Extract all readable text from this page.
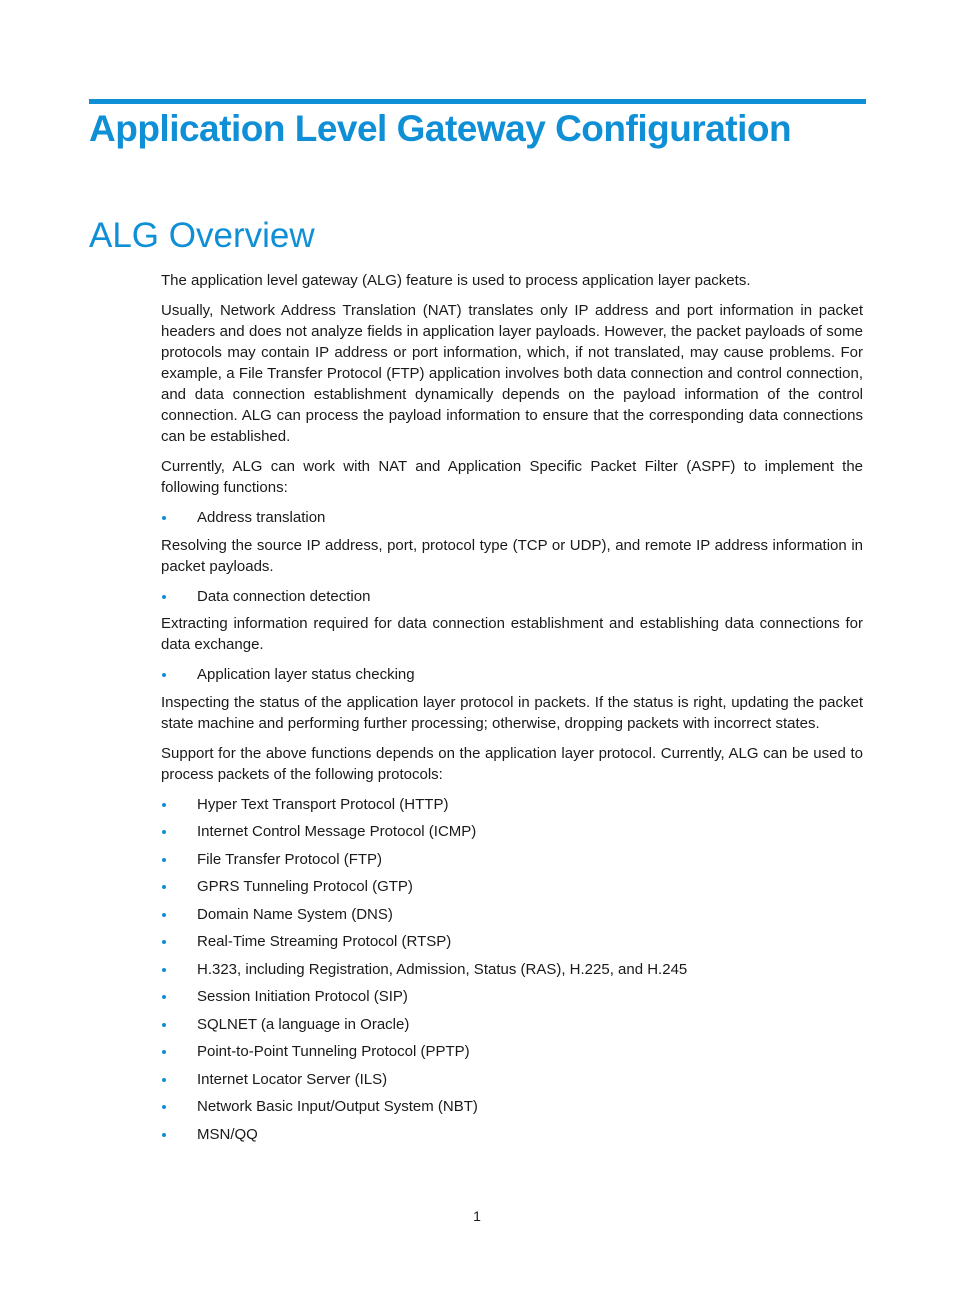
Application Level Gateway Configuration
ALG Overview

The application level gateway (ALG) feature is used to process application layer packets.

Usually, Network Address Translation (NAT) translates only IP address and port information in packet headers and does not analyze fields in application layer payloads. However, the packet payloads of some protocols may contain IP address or port information, which, if not translated, may cause problems. For example, a File Transfer Protocol (FTP) application involves both data connection and control connection, and data connection establishment dynamically depends on the payload information of the control connection. ALG can process the payload information to ensure that the corresponding data connections can be established.

Currently, ALG can work with NAT and Application Specific Packet Filter (ASPF) to implement the following functions:

Address translation

Resolving the source IP address, port, protocol type (TCP or UDP), and remote IP address information in packet payloads.

Data connection detection

Extracting information required for data connection establishment and establishing data connections for data exchange.

Application layer status checking

Inspecting the status of the application layer protocol in packets. If the status is right, updating the packet state machine and performing further processing; otherwise, dropping packets with incorrect states.

Support for the above functions depends on the application layer protocol. Currently, ALG can be used to process packets of the following protocols:

Hyper Text Transport Protocol (HTTP)
Internet Control Message Protocol (ICMP)
File Transfer Protocol (FTP)
GPRS Tunneling Protocol (GTP)
Domain Name System (DNS)
Real-Time Streaming Protocol (RTSP)
H.323, including Registration, Admission, Status (RAS), H.225, and H.245
Session Initiation Protocol (SIP)
SQLNET (a language in Oracle)
Point-to-Point Tunneling Protocol (PPTP)
Internet Locator Server (ILS)
Network Basic Input/Output System (NBT)
MSN/QQ
1
